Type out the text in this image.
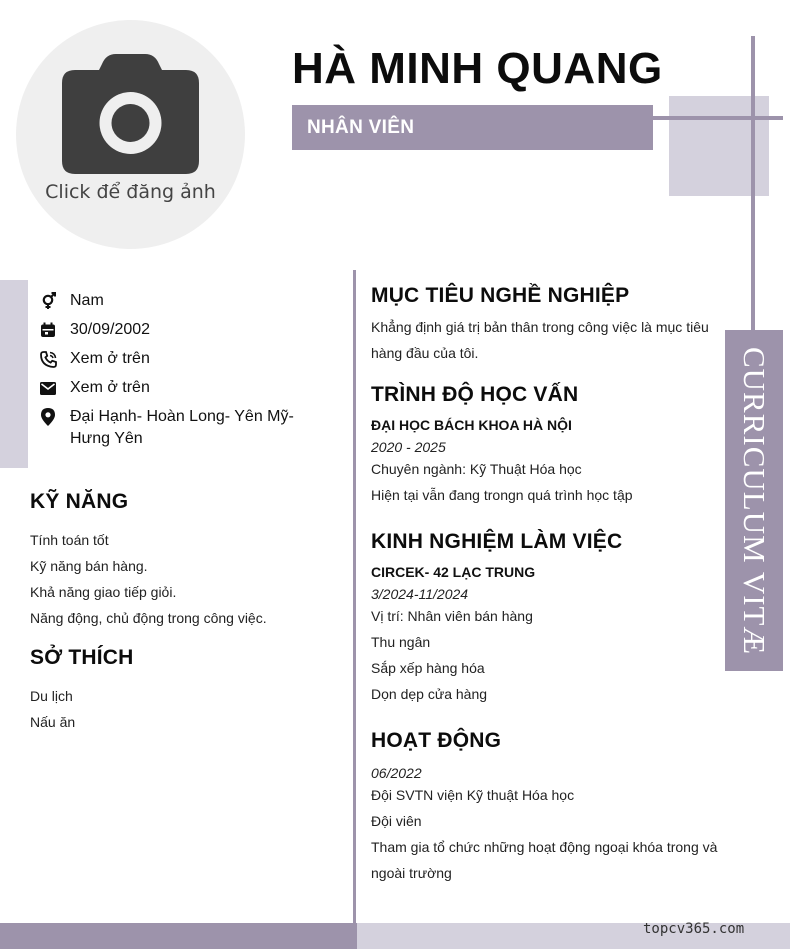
Click để đăng ảnh
HÀ MINH QUANG
NHÂN VIÊN
CURRICULUM VITÆ
Nam
30/09/2002
Xem ở trên
Xem ở trên
Đại Hạnh- Hoàn Long- Yên Mỹ- Hưng Yên
KỸ NĂNG
Tính toán tốt
Kỹ năng bán hàng.
Khả năng giao tiếp giỏi.
Năng động, chủ động trong công việc.
SỞ THÍCH
Du lịch
Nấu ăn
MỤC TIÊU NGHỀ NGHIỆP
Khẳng định giá trị bản thân trong công việc là mục tiêu hàng đầu của tôi.
TRÌNH ĐỘ HỌC VẤN
ĐẠI HỌC BÁCH KHOA HÀ NỘI
2020 - 2025
Chuyên ngành: Kỹ Thuật Hóa học
Hiện tại vẫn đang trongn quá trình học tập
KINH NGHIỆM LÀM VIỆC
CIRCEK- 42 LẠC TRUNG
3/2024-11/2024
Vị trí: Nhân viên bán hàng
Thu ngân
Sắp xếp hàng hóa
Dọn dẹp cửa hàng
HOẠT ĐỘNG
06/2022
Đội SVTN viện Kỹ thuật Hóa học
Đội viên
Tham gia tổ chức những hoạt động ngoại khóa trong và ngoài trường
topcv365.com
